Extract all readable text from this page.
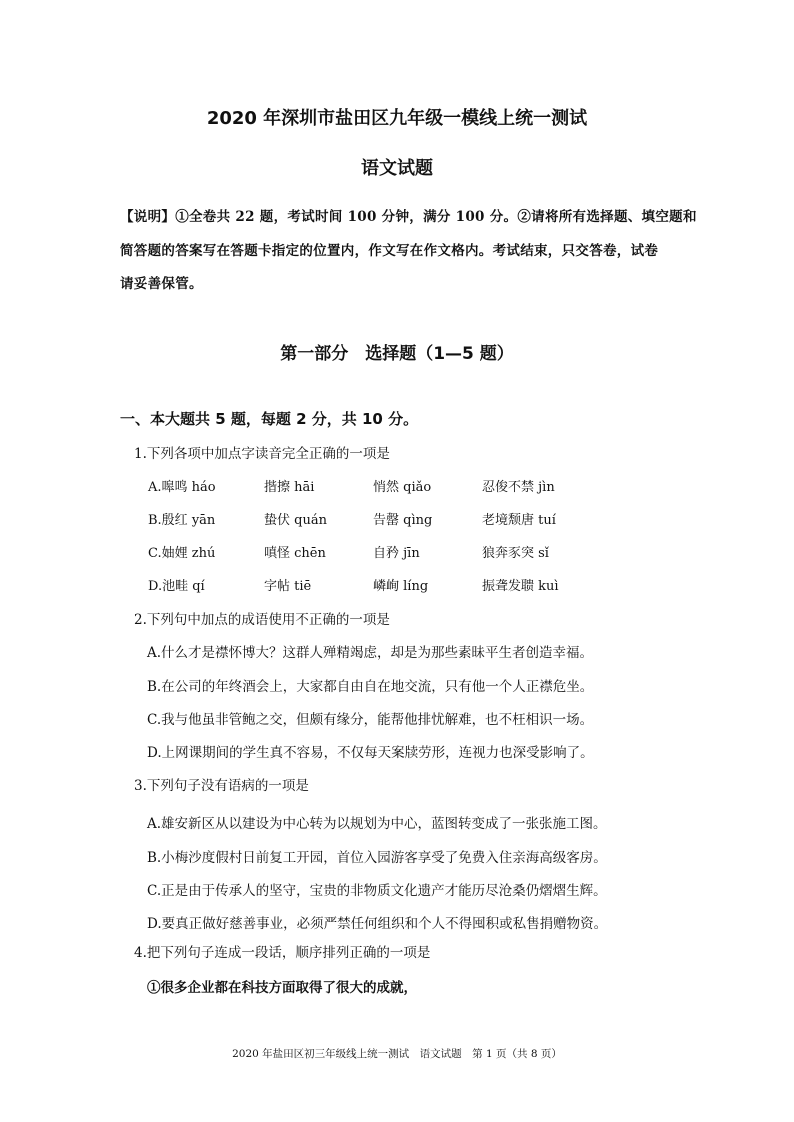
2020 年深圳市盐田区九年级一模线上统一测试
语文试题
【说明】①全卷共 22 题，考试时间 100 分钟，满分 100 分。②请将所有选择题、填空题和
简答题的答案写在答题卡指定的位置内，作文写在作文格内。考试结束，只交答卷，试卷
请妥善保管。
第一部分　选择题（1—5 题）
一、本大题共 5 题，每题 2 分，共 10 分。
1.下列各项中加点字读音完全正确的一项是
A.嗥鸣 háo	揩擦 hāi	悄然 qiǎo	忍俊不禁 jìn
B.殷红 yān	蛰伏 quán	告罄 qìng	老境颓唐 tuí
C.妯娌 zhú	嗔怪 chēn	自矜 jīn	狼奔豕突 sǐ
D.池畦 qí	字帖 tiē	嶙峋 líng	振聋发聩 kuì
2.下列句中加点的成语使用不正确的一项是
A.什么才是襟怀博大？这群人殚精竭虑，却是为那些素昧平生者创造幸福。
B.在公司的年终酒会上，大家都自由自在地交流，只有他一个人正襟危坐。
C.我与他虽非管鲍之交，但颇有缘分，能帮他排忧解难，也不枉相识一场。
D.上网课期间的学生真不容易，不仅每天案牍劳形，连视力也深受影响了。
3.下列句子没有语病的一项是
A.雄安新区从以建设为中心转为以规划为中心，蓝图转变成了一张张施工图。
B.小梅沙度假村日前复工开园，首位入园游客享受了免费入住亲海高级客房。
C.正是由于传承人的坚守，宝贵的非物质文化遗产才能历尽沧桑仍熠熠生辉。
D.要真正做好慈善事业，必须严禁任何组织和个人不得囤积或私售捐赠物资。
4.把下列句子连成一段话，顺序排列正确的一项是
①很多企业都在科技方面取得了很大的成就，
2020 年盐田区初三年级线上统一测试　语文试题　第 1 页（共 8 页）
